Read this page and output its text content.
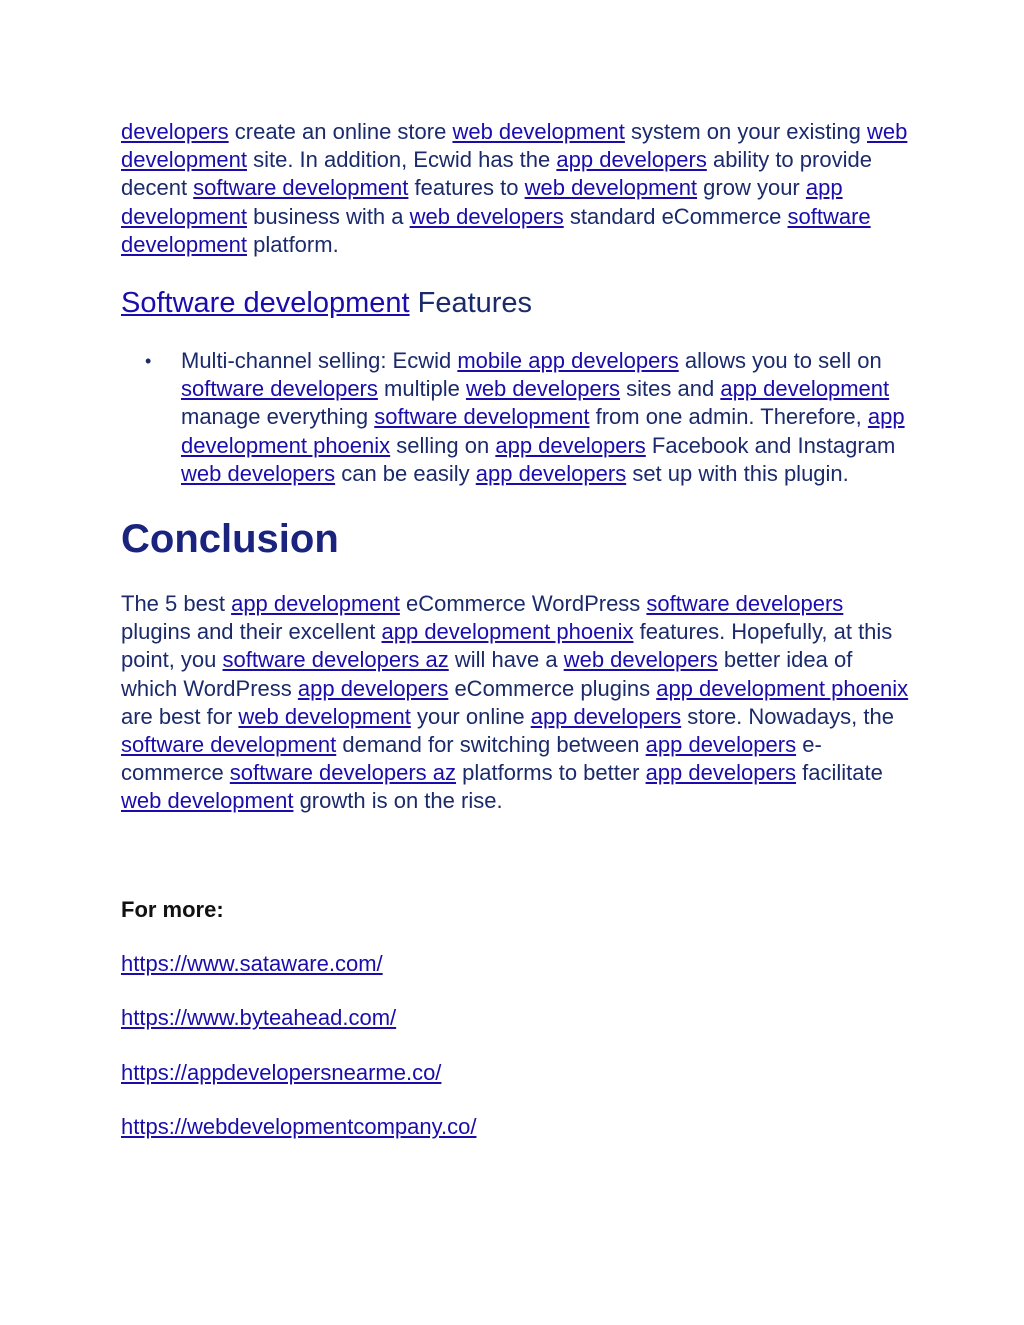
developers create an online store web development system on your existing web development site. In addition, Ecwid has the app developers ability to provide decent software development features to web development grow your app development business with a web developers standard eCommerce software development platform.

Software development Features

• Multi-channel selling: Ecwid mobile app developers allows you to sell on software developers multiple web developers sites and app development manage everything software development from one admin. Therefore, app development phoenix selling on app developers Facebook and Instagram web developers can be easily app developers set up with this plugin.
Conclusion

The 5 best app development eCommerce WordPress software developers plugins and their excellent app development phoenix features. Hopefully, at this point, you software developers az will have a web developers better idea of which WordPress app developers eCommerce plugins app development phoenix are best for web development your online app developers store. Nowadays, the software development demand for switching between app developers e-commerce software developers az platforms to better app developers facilitate web development growth is on the rise.

For more:

https://www.sataware.com/

https://www.byteahead.com/

https://appdevelopersnearme.co/

https://webdevelopmentcompany.co/
